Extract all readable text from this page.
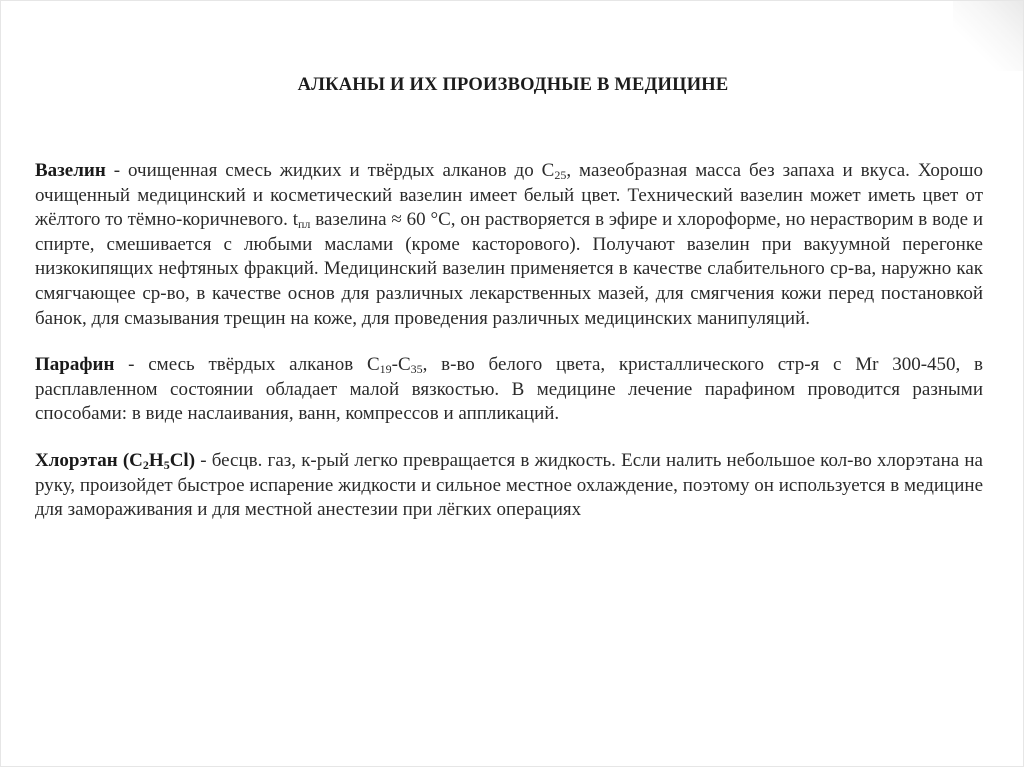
АЛКАНЫ И ИХ ПРОИЗВОДНЫЕ В МЕДИЦИНЕ

Вазелин - очищенная смесь жидких и твёрдых алканов до $С_{25}$, мазеобразная масса без запаха и вкуса. Хорошо очищенный медицинский и косметический вазелин имеет белый цвет. Технический вазелин может иметь цвет от жёлтого то тёмно-коричневого. $t_{пл}$ вазелина ≈ 60 °С, он растворяется в эфире и хлороформе, но нерастворим в воде и спирте, смешивается с любыми маслами (кроме касторового). Получают вазелин при вакуумной перегонке низкокипящих нефтяных фракций. Медицинский вазелин применяется в качестве слабительного ср-ва, наружно как смягчающее ср-во, в качестве основ для различных лекарственных мазей, для смягчения кожи перед постановкой банок, для смазывания трещин на коже, для проведения различных медицинских манипуляций.

Парафин - смесь твёрдых алканов $С_{19}-С_{35}$, в-во белого цвета, кристаллического стр-я с Mr 300-450, в расплавленном состоянии обладает малой вязкостью. В медицине лечение парафином проводится разными способами: в виде наслаивания, ванн, компрессов и аппликаций.

Хлорэтан $(С_2H_5Cl)$ - бесцв. газ, к-рый легко превращается в жидкость. Если налить небольшое кол-во хлорэтана на руку, произойдет быстрое испарение жидкости и сильное местное охлаждение, поэтому он используется в медицине для замораживания и для местной анестезии при лёгких операциях
